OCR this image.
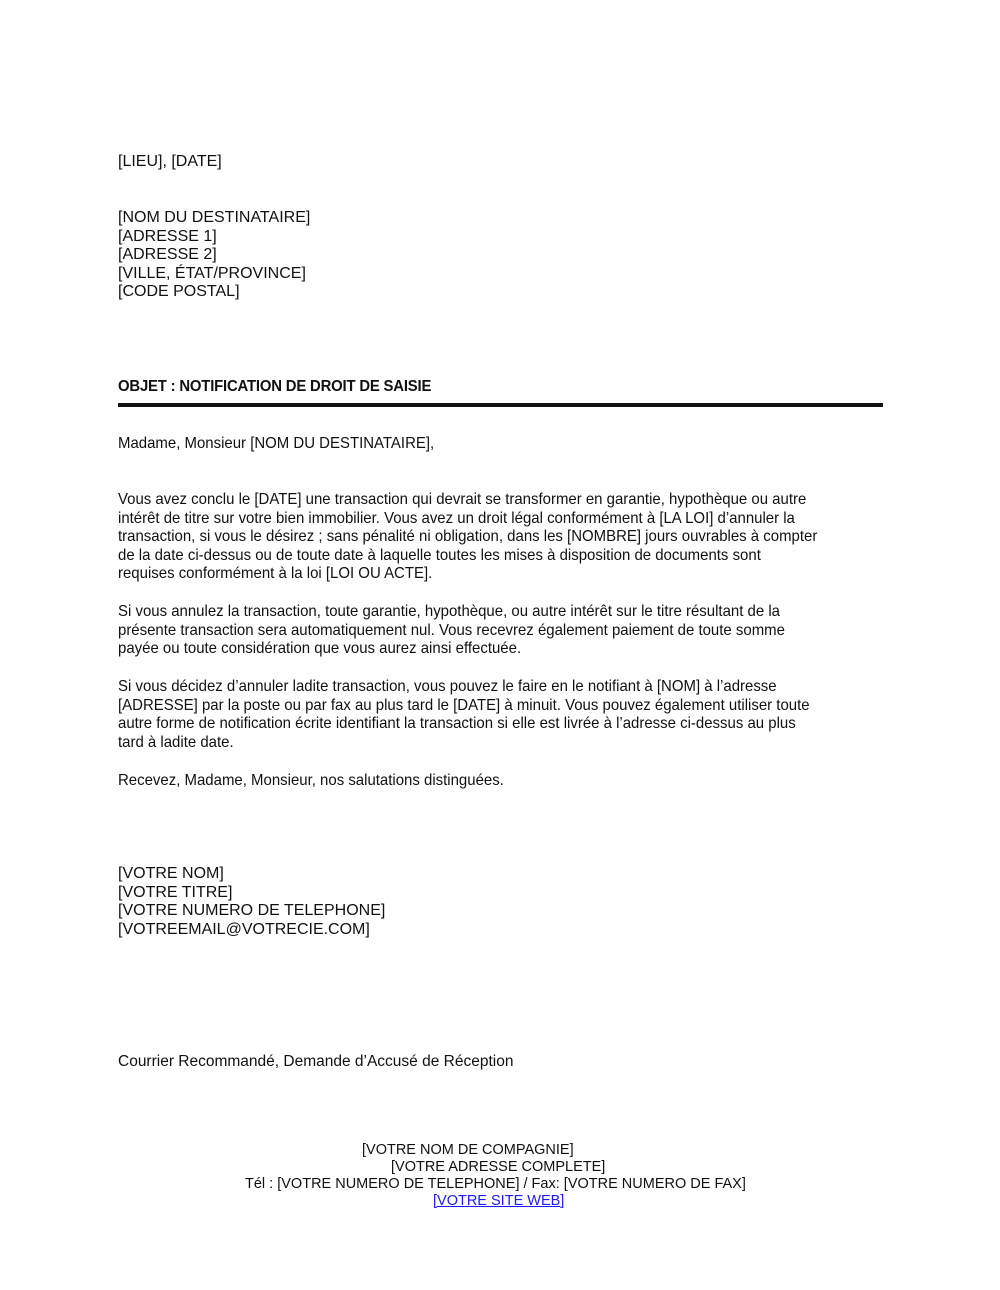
[LIEU], [DATE]
[NOM DU DESTINATAIRE]
[ADRESSE 1]
[ADRESSE 2]
[VILLE, ÉTAT/PROVINCE]
[CODE POSTAL]
OBJET : NOTIFICATION DE DROIT DE SAISIE
Madame, Monsieur [NOM DU DESTINATAIRE],
Vous avez conclu le [DATE] une transaction qui devrait se transformer en garantie, hypothèque ou autre
intérêt de titre sur votre bien immobilier. Vous avez un droit légal conformément à [LA LOI] d’annuler la
transaction, si vous le désirez ; sans pénalité ni obligation, dans les [NOMBRE] jours ouvrables à compter
de la date ci-dessus ou de toute date à laquelle toutes les mises à disposition de documents sont
requises conformément à la loi [LOI OU ACTE].
Si vous annulez la transaction, toute garantie, hypothèque, ou autre intérêt sur le titre résultant de la
présente transaction sera automatiquement nul. Vous recevrez également paiement de toute somme
payée ou toute considération que vous aurez ainsi effectuée.
Si vous décidez d’annuler ladite transaction, vous pouvez le faire en le notifiant à [NOM] à l’adresse
[ADRESSE] par la poste ou par fax au plus tard le [DATE] à minuit. Vous pouvez également utiliser toute
autre forme de notification écrite identifiant la transaction si elle est livrée à l’adresse ci-dessus au plus
tard à ladite date.
Recevez, Madame, Monsieur, nos salutations distinguées.
[VOTRE NOM]
[VOTRE TITRE]
[VOTRE NUMERO DE TELEPHONE]
[VOTREEMAIL@VOTRECIE.COM]
Courrier Recommandé, Demande d’Accusé de Réception
[VOTRE NOM DE COMPAGNIE]
[VOTRE ADRESSE COMPLETE]
Tél : [VOTRE NUMERO DE TELEPHONE] / Fax: [VOTRE NUMERO DE FAX]
[VOTRE SITE WEB]
